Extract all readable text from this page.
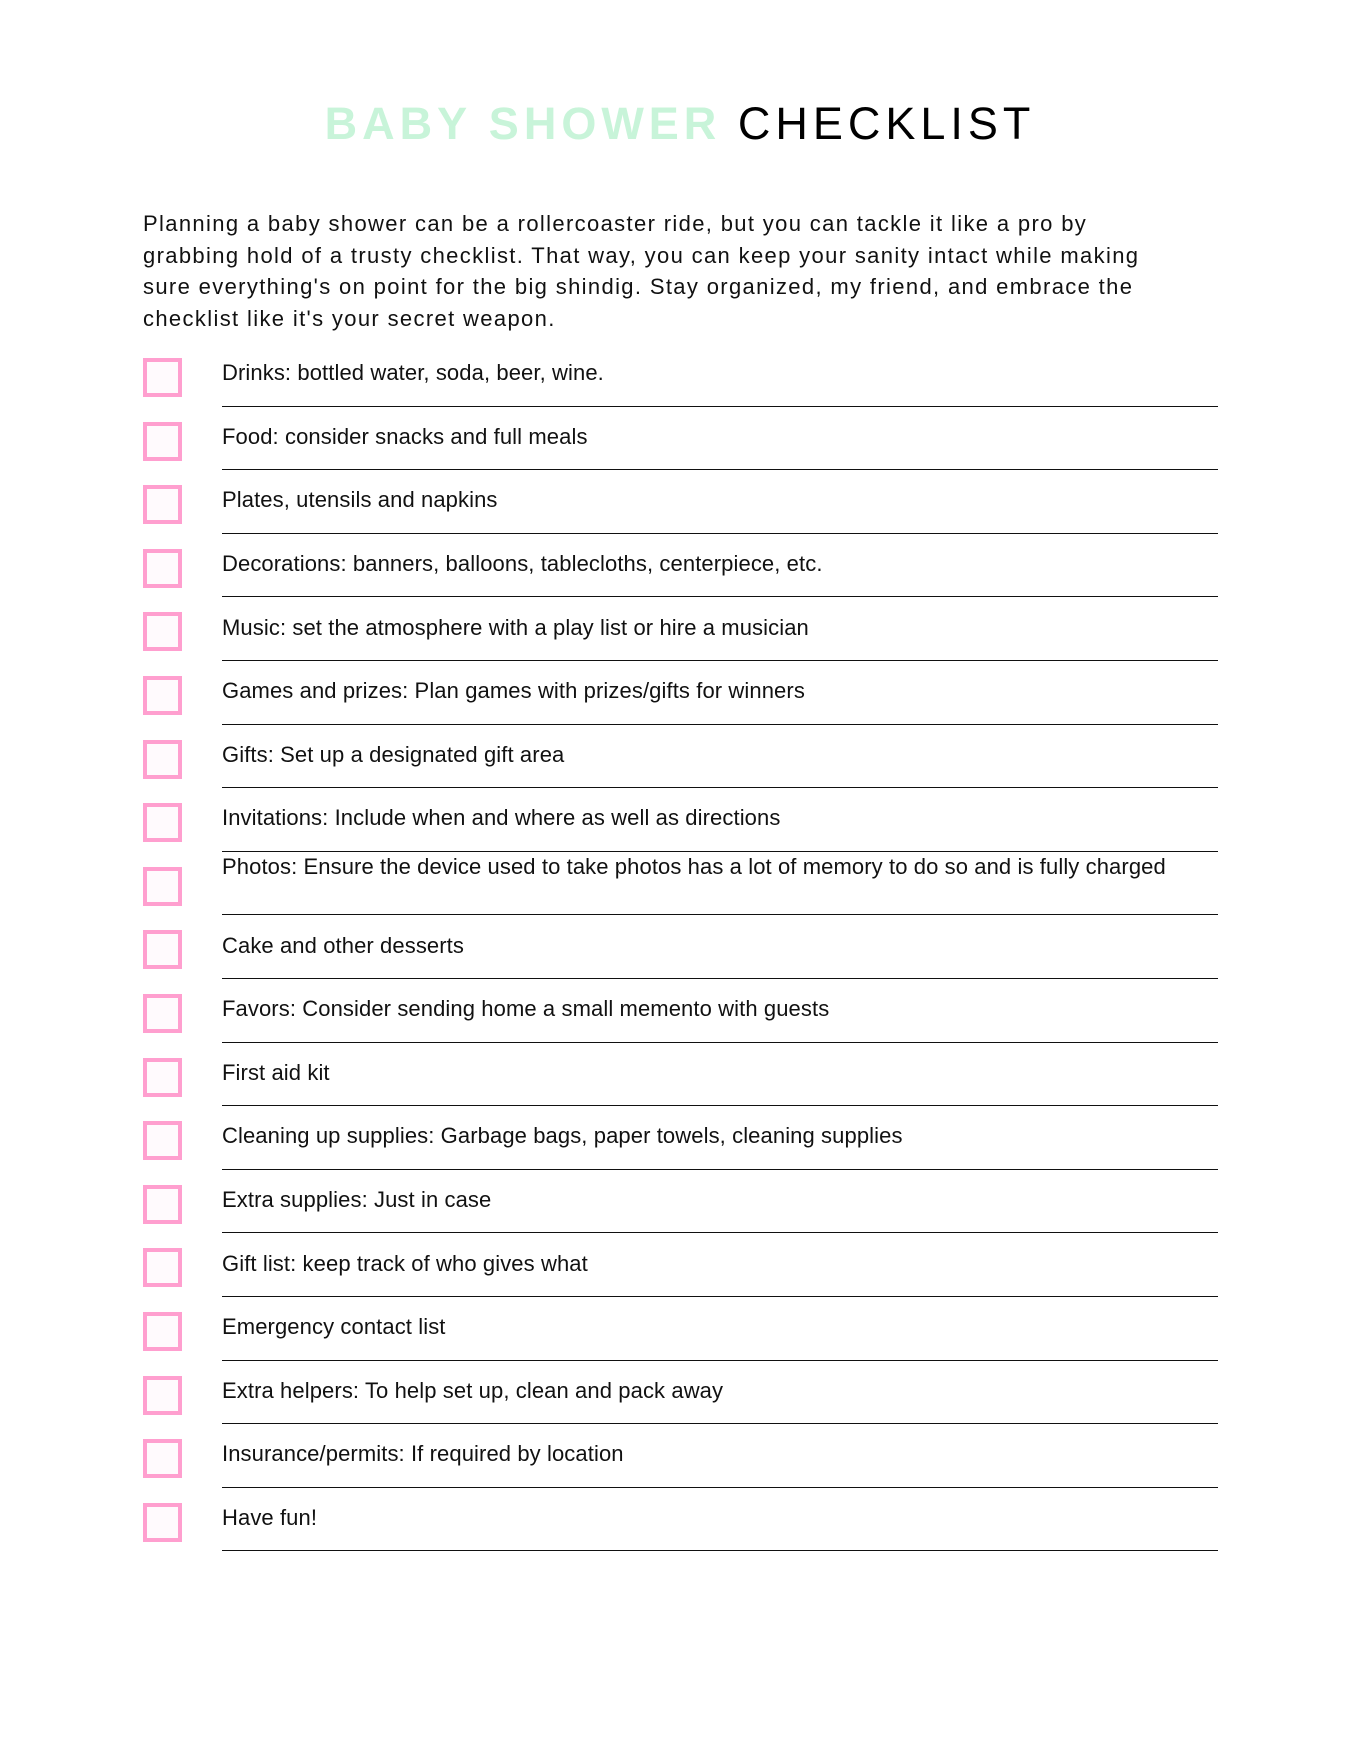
BABY SHOWER CHECKLIST

Planning a baby shower can be a rollercoaster ride, but you can tackle it like a pro by grabbing hold of a trusty checklist. That way, you can keep your sanity intact while making sure everything's on point for the big shindig. Stay organized, my friend, and embrace the checklist like it's your secret weapon.

Drinks: bottled water, soda, beer, wine.
Food: consider snacks and full meals
Plates, utensils and napkins
Decorations: banners, balloons, tablecloths, centerpiece, etc.
Music: set the atmosphere with a play list or hire a musician
Games and prizes: Plan games with prizes/gifts for winners
Gifts: Set up a designated gift area
Invitations: Include when and where as well as directions
Photos: Ensure the device used to take photos has a lot of memory to do so and is fully charged
Cake and other desserts
Favors: Consider sending home a small memento with guests
First aid kit
Cleaning up supplies: Garbage bags, paper towels, cleaning supplies
Extra supplies: Just in case
Gift list: keep track of who gives what
Emergency contact list
Extra helpers: To help set up, clean and pack away
Insurance/permits: If required by location
Have fun!
